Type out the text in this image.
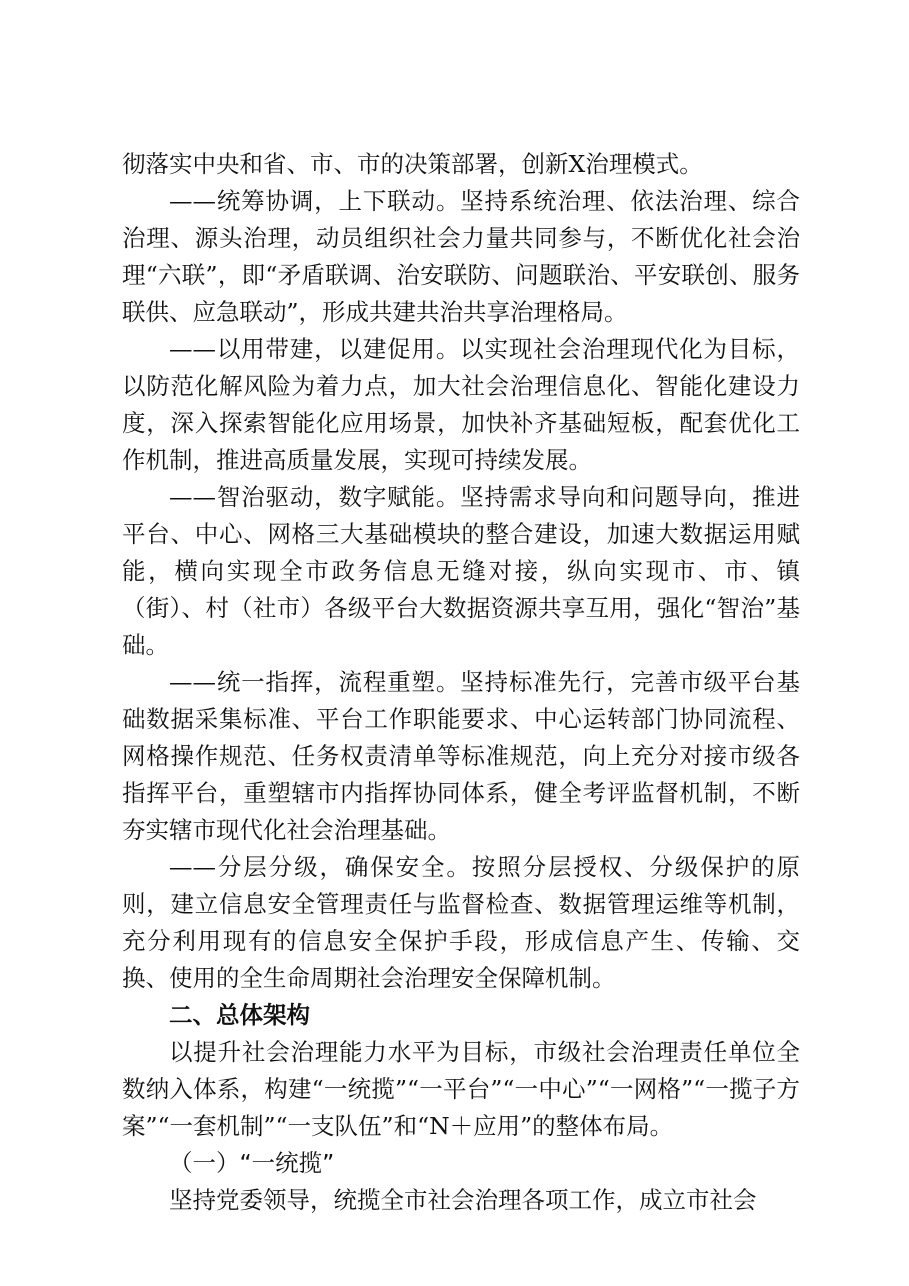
彻落实中央和省、市、市的决策部署，创新X治理模式。

——统筹协调，上下联动。坚持系统治理、依法治理、综合治理、源头治理，动员组织社会力量共同参与，不断优化社会治理“六联”，即“矛盾联调、治安联防、问题联治、平安联创、服务联供、应急联动”，形成共建共治共享治理格局。

——以用带建，以建促用。以实现社会治理现代化为目标，以防范化解风险为着力点，加大社会治理信息化、智能化建设力度，深入探索智能化应用场景，加快补齐基础短板，配套优化工作机制，推进高质量发展，实现可持续发展。

——智治驱动，数字赋能。坚持需求导向和问题导向，推进平台、中心、网格三大基础模块的整合建设，加速大数据运用赋能，横向实现全市政务信息无缝对接，纵向实现市、市、镇（街）、村（社市）各级平台大数据资源共享互用，强化“智治”基础。

——统一指挥，流程重塑。坚持标准先行，完善市级平台基础数据采集标准、平台工作职能要求、中心运转部门协同流程、网格操作规范、任务权责清单等标准规范，向上充分对接市级各指挥平台，重塑辖市内指挥协同体系，健全考评监督机制，不断夯实辖市现代化社会治理基础。

——分层分级，确保安全。按照分层授权、分级保护的原则，建立信息安全管理责任与监督检查、数据管理运维等机制，充分利用现有的信息安全保护手段，形成信息产生、传输、交换、使用的全生命周期社会治理安全保障机制。

二、总体架构

以提升社会治理能力水平为目标，市级社会治理责任单位全数纳入体系，构建“一统揽”“一平台”“一中心”“一网格”“一揽子方案”“一套机制”“一支队伍”和“N＋应用”的整体布局。

（一）“一统揽”

坚持党委领导，统揽全市社会治理各项工作，成立市社会
